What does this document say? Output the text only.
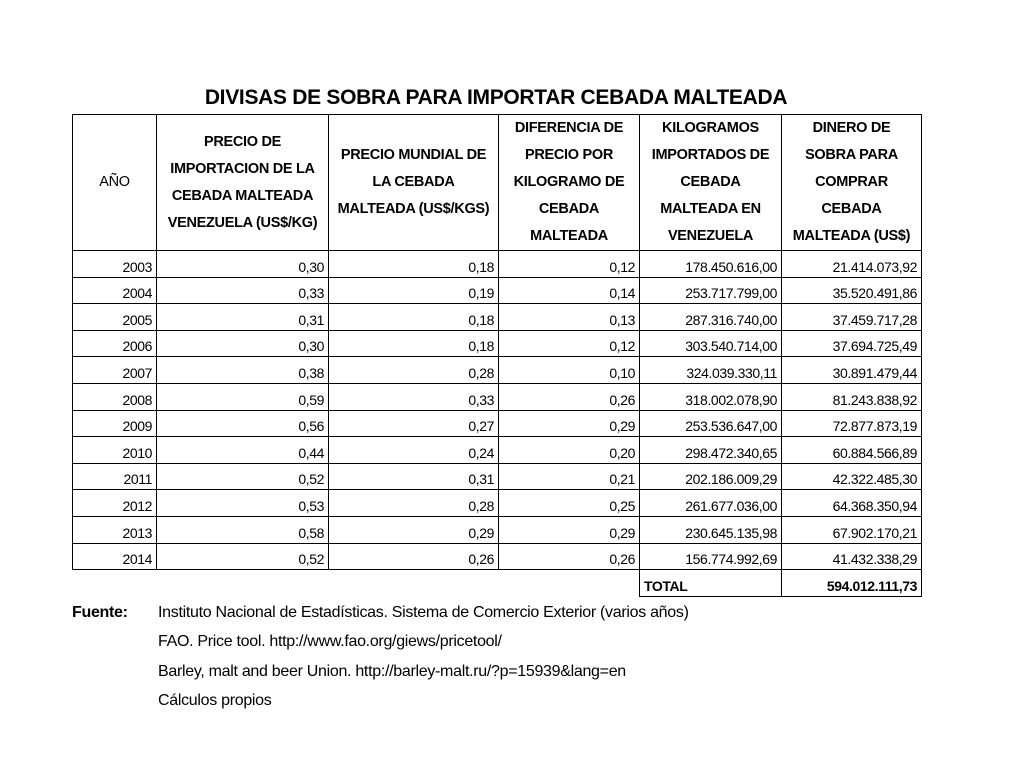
DIVISAS DE SOBRA PARA IMPORTAR CEBADA MALTEADA
AÑO	PRECIO DE IMPORTACION DE LA CEBADA MALTEADA VENEZUELA (US$/KG)	PRECIO MUNDIAL DE LA CEBADA MALTEADA (US$/KGS)	DIFERENCIA DE PRECIO POR KILOGRAMO DE CEBADA MALTEADA	KILOGRAMOS IMPORTADOS DE CEBADA MALTEADA EN VENEZUELA	DINERO DE SOBRA PARA COMPRAR CEBADA MALTEADA (US$)
2003	0,30	0,18	0,12	178.450.616,00	21.414.073,92
2004	0,33	0,19	0,14	253.717.799,00	35.520.491,86
2005	0,31	0,18	0,13	287.316.740,00	37.459.717,28
2006	0,30	0,18	0,12	303.540.714,00	37.694.725,49
2007	0,38	0,28	0,10	324.039.330,11	30.891.479,44
2008	0,59	0,33	0,26	318.002.078,90	81.243.838,92
2009	0,56	0,27	0,29	253.536.647,00	72.877.873,19
2010	0,44	0,24	0,20	298.472.340,65	60.884.566,89
2011	0,52	0,31	0,21	202.186.009,29	42.322.485,30
2012	0,53	0,28	0,25	261.677.036,00	64.368.350,94
2013	0,58	0,29	0,29	230.645.135,98	67.902.170,21
2014	0,52	0,26	0,26	156.774.992,69	41.432.338,29
				TOTAL	594.012.111,73
Fuente:	Instituto Nacional de Estadísticas. Sistema de Comercio Exterior (varios años)
FAO. Price tool. http://www.fao.org/giews/pricetool/
Barley, malt and beer Union. http://barley-malt.ru/?p=15939&lang=en
Cálculos propios
